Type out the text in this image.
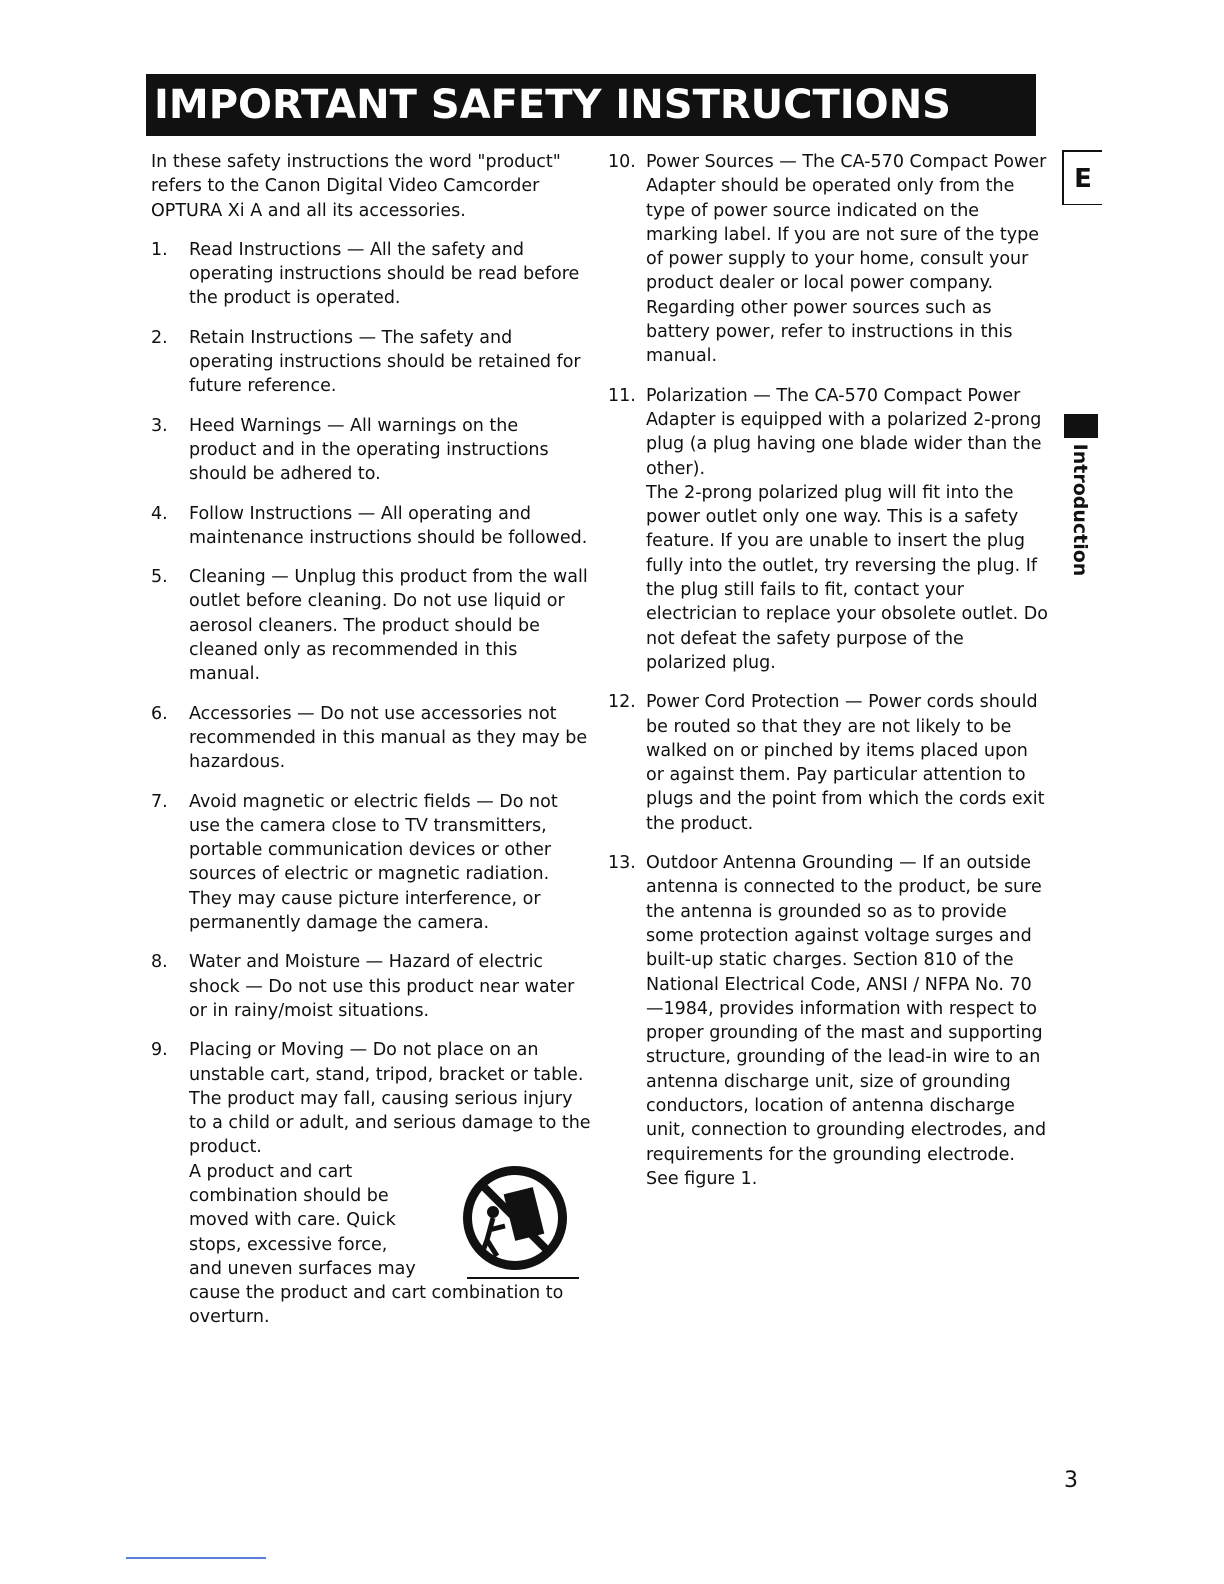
IMPORTANT SAFETY INSTRUCTIONS

In these safety instructions the word "product" refers to the Canon Digital Video Camcorder OPTURA Xi A and all its accessories.

1.	Read Instructions — All the safety and operating instructions should be read before the product is operated.
2.	Retain Instructions — The safety and operating instructions should be retained for future reference.
3.	Heed Warnings — All warnings on the product and in the operating instructions should be adhered to.
4.	Follow Instructions — All operating and maintenance instructions should be followed.
5.	Cleaning — Unplug this product from the wall outlet before cleaning. Do not use liquid or aerosol cleaners. The product should be cleaned only as recommended in this manual.
6.	Accessories — Do not use accessories not recommended in this manual as they may be hazardous.
7.	Avoid magnetic or electric fields — Do not use the camera close to TV transmitters, portable communication devices or other sources of electric or magnetic radiation. They may cause picture interference, or permanently damage the camera.
8.	Water and Moisture — Hazard of electric shock — Do not use this product near water or in rainy/moist situations.
9.	Placing or Moving — Do not place on an unstable cart, stand, tripod, bracket or table. The product may fall, causing serious injury to a child or adult, and serious damage to the product.

A product and cart combination should be moved with care. Quick stops, excessive force, and uneven surfaces may

cause the product and cart combination to overturn.

10. Power Sources — The CA-570 Compact Power Adapter should be operated only from the type of power source indicated on the marking label. If you are not sure of the type of power supply to your home, consult your product dealer or local power company. Regarding other power sources such as battery power, refer to instructions in this manual.
11. Polarization — The CA-570 Compact Power Adapter is equipped with a polarized 2-prong plug (a plug having one blade wider than the other).

The 2-prong polarized plug will fit into the power outlet only one way. This is a safety feature. If you are unable to insert the plug fully into the outlet, try reversing the plug. If the plug still fails to fit, contact your electrician to replace your obsolete outlet. Do not defeat the safety purpose of the polarized plug.

12. Power Cord Protection — Power cords should be routed so that they are not likely to be walked on or pinched by items placed upon or against them. Pay particular attention to plugs and the point from which the cords exit the product.
13. Outdoor Antenna Grounding — If an outside antenna is connected to the product, be sure the antenna is grounded so as to provide some protection against voltage surges and built-up static charges. Section 810 of the National Electrical Code, ANSI / NFPA No. 70—1984, provides information with respect to proper grounding of the mast and supporting structure, grounding of the lead-in wire to an antenna discharge unit, size of grounding conductors, location of antenna discharge unit, connection to grounding electrodes, and requirements for the grounding electrode. See figure 1.
E
Introduction
3
